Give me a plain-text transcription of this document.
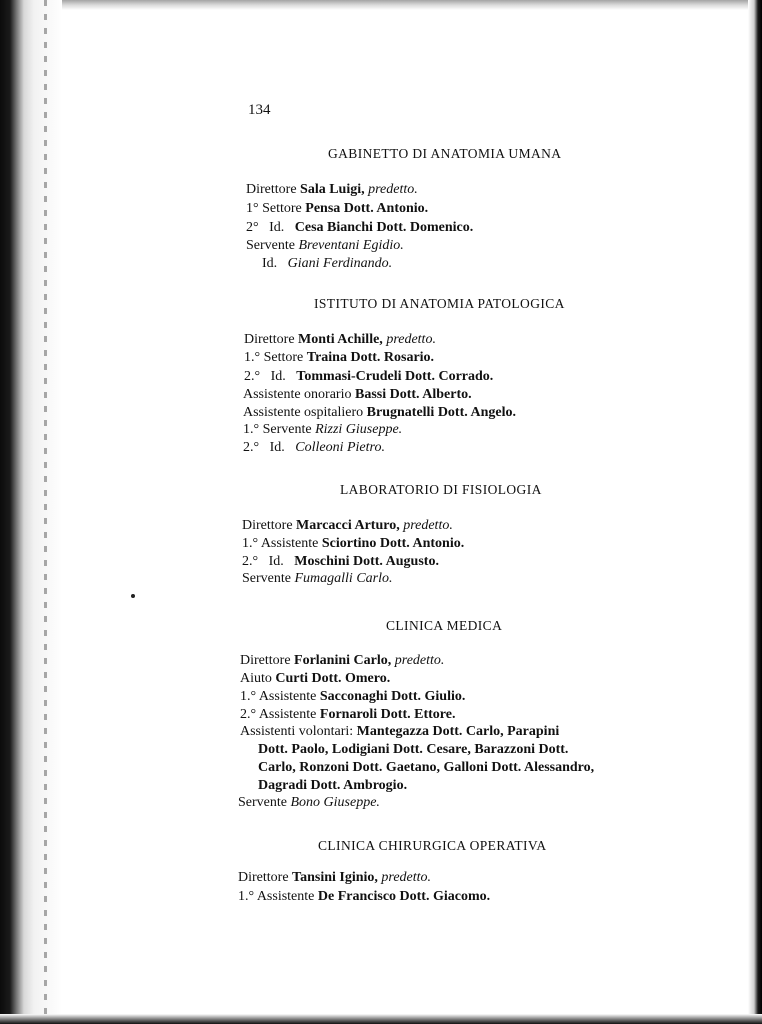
134
GABINETTO DI ANATOMIA UMANA
Direttore Sala Luigi, predetto.
1° Settore Pensa Dott. Antonio.
2°   Id.   Cesa Bianchi Dott. Domenico.
Servente Breventani Egidio.
Id.   Giani Ferdinando.
ISTITUTO DI ANATOMIA PATOLOGICA
Direttore Monti Achille, predetto.
1.° Settore Traina Dott. Rosario.
2.°   Id.   Tommasi-Crudeli Dott. Corrado.
Assistente onorario Bassi Dott. Alberto.
Assistente ospitaliero Brugnatelli Dott. Angelo.
1.° Servente Rizzi Giuseppe.
2.°   Id.   Colleoni Pietro.
LABORATORIO DI FISIOLOGIA
Direttore Marcacci Arturo, predetto.
1.° Assistente Sciortino Dott. Antonio.
2.°   Id.   Moschini Dott. Augusto.
Servente Fumagalli Carlo.
CLINICA MEDICA
Direttore Forlanini Carlo, predetto.
Aiuto Curti Dott. Omero.
1.° Assistente Sacconaghi Dott. Giulio.
2.° Assistente Fornaroli Dott. Ettore.
Assistenti volontari: Mantegazza Dott. Carlo, Parapini
Dott. Paolo, Lodigiani Dott. Cesare, Barazzoni Dott.
Carlo, Ronzoni Dott. Gaetano, Galloni Dott. Alessandro,
Dagradi Dott. Ambrogio.
Servente Bono Giuseppe.
CLINICA CHIRURGICA OPERATIVA
Direttore Tansini Iginio, predetto.
1.° Assistente De Francisco Dott. Giacomo.
